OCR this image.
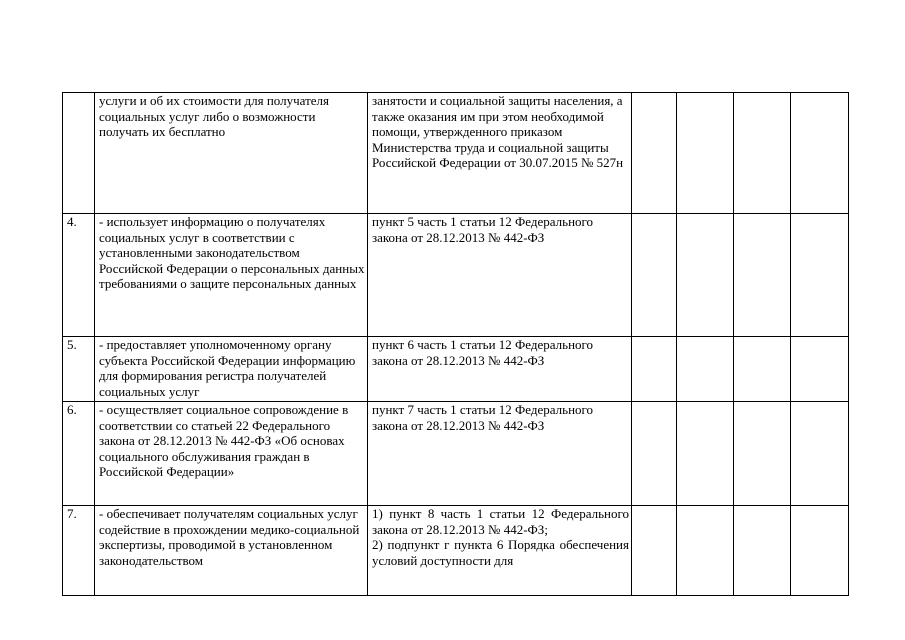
	услуги и об их стоимости для получателя социальных услуг либо о возможности получать их бесплатно	занятости и социальной защиты населения, а также оказания им при этом необходимой помощи, утвержденного приказом Министерства труда и социальной защиты Российской Федерации от 30.07.2015 № 527н				
4.	- использует информацию о получателях социальных услуг в соответствии с установленными законодательством Российской Федерации о персональных данных требованиями о защите персональных данных	пункт 5 часть 1 статьи 12 Федерального закона от 28.12.2013 № 442-ФЗ				
5.	- предоставляет уполномоченному органу субъекта Российской Федерации информацию для формирования регистра получателей социальных услуг	пункт 6 часть 1 статьи 12 Федерального закона от 28.12.2013 № 442-ФЗ				
6.	- осуществляет социальное сопровождение в соответствии со статьей 22 Федерального закона от 28.12.2013 № 442-ФЗ «Об основах социального обслуживания граждан в Российской Федерации»	пункт 7 часть 1 статьи 12 Федерального закона от 28.12.2013 № 442-ФЗ				
7.	- обеспечивает получателям социальных услуг содействие в прохождении медико-социальной экспертизы, проводимой в установленном законодательством	1) пункт 8 часть 1 статьи 12 Федерального закона от 28.12.2013 № 442-ФЗ;
2) подпункт г пункта 6 Порядка обеспечения условий доступности для				
